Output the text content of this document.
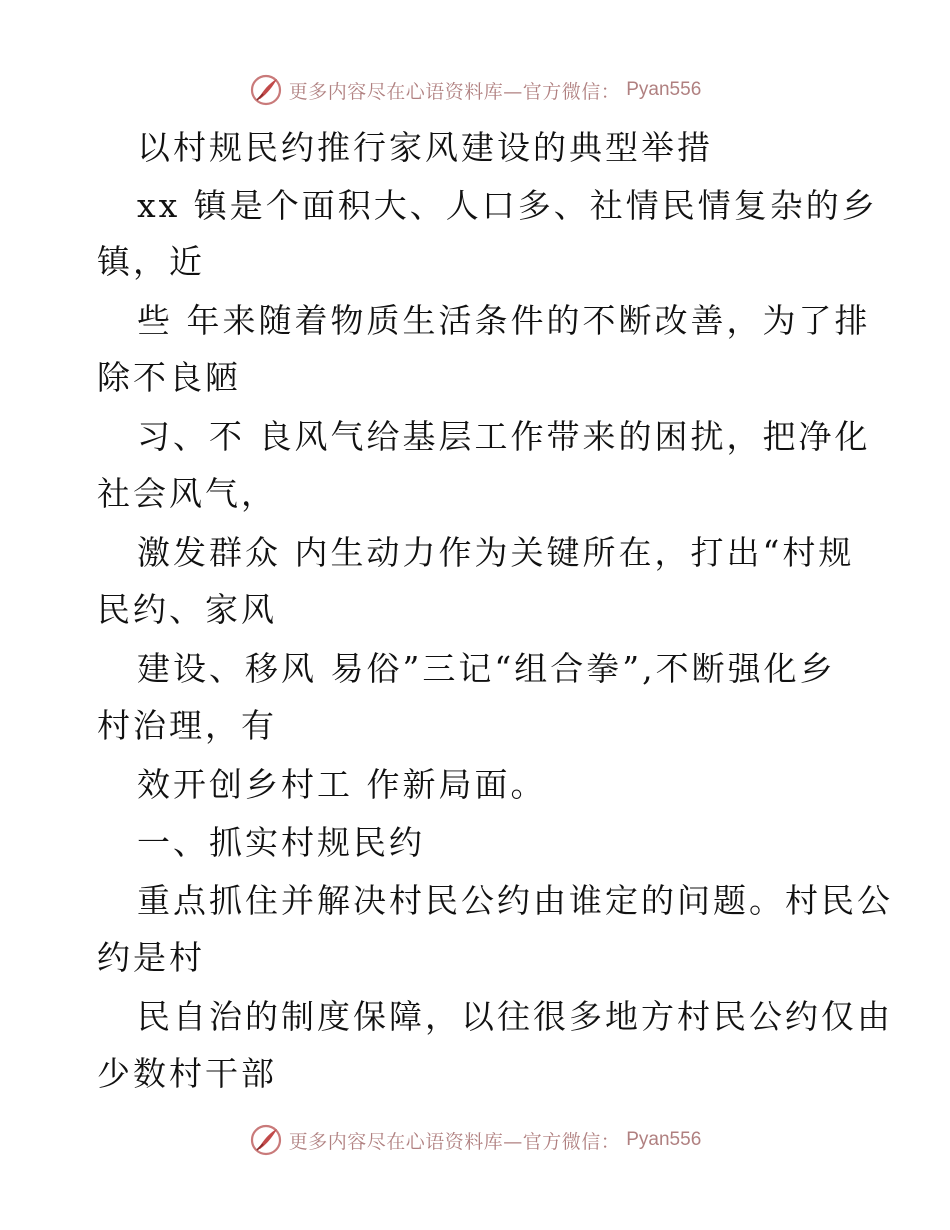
更多内容尽在心语资料库—官方微信： Pyan556
以村规民约推行家风建设的典型举措
xx 镇是个面积大、人口多、社情民情复杂的乡
镇，近
些 年来随着物质生活条件的不断改善，为了排
除不良陋
习、不 良风气给基层工作带来的困扰，把净化
社会风气，
激发群众 内生动力作为关键所在，打出“村规
民约、家风
建设、移风 易俗”三记“组合拳”,不断强化乡
村治理，有
效开创乡村工 作新局面。
一、抓实村规民约
重点抓住并解决村民公约由谁定的问题。村民公
约是村
民自治的制度保障，以往很多地方村民公约仅由
少数村干部
更多内容尽在心语资料库—官方微信： Pyan556
